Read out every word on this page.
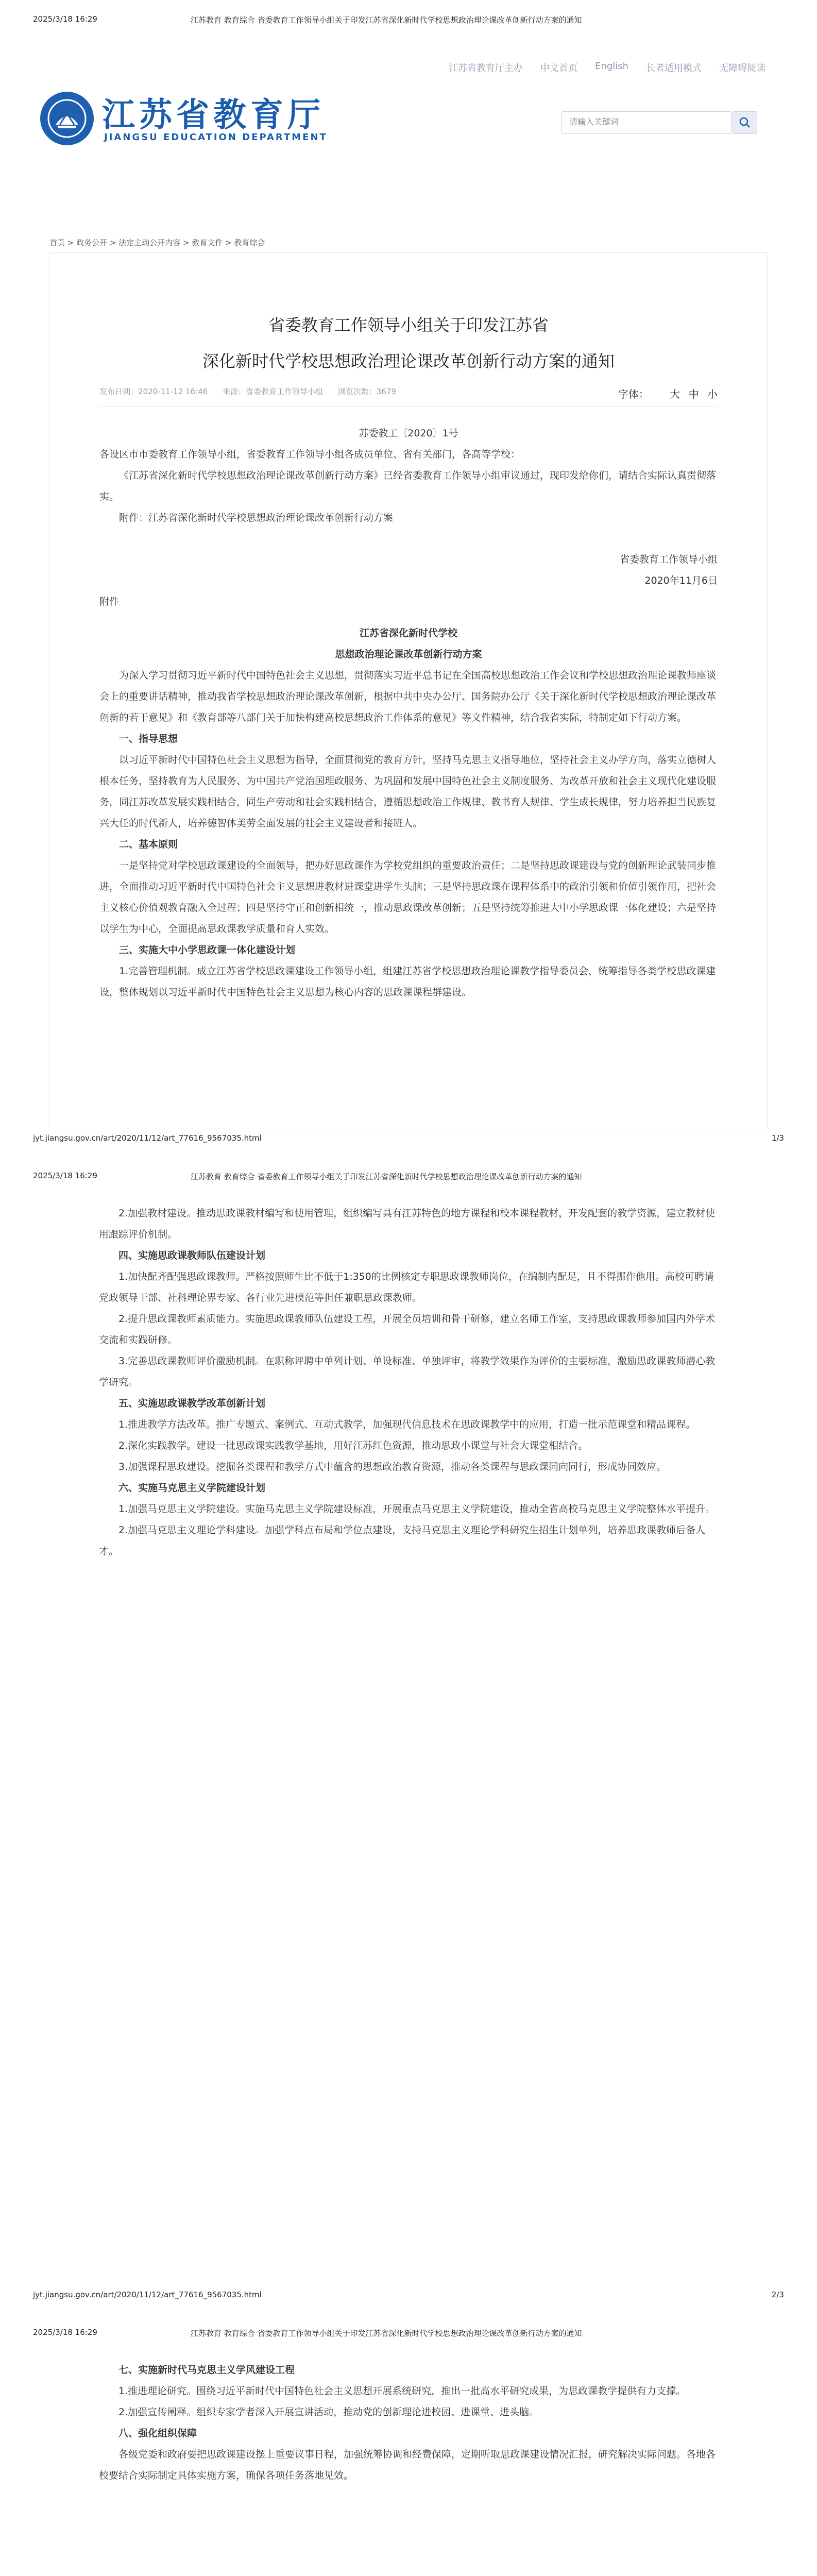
2025/3/18 16:29	江苏教育 教育综合 省委教育工作领导小组关于印发江苏省深化新时代学校思想政治理论课改革创新行动方案的通知
江苏省教育厅主办 中文首页 English 长者适用模式 无障碍阅读
江苏省教育厅
JIANGSU EDUCATION DEPARTMENT
请输入关键词
首页 > 政务公开 > 法定主动公开内容 > 教育文件 > 教育综合
省委教育工作领导小组关于印发江苏省
深化新时代学校思想政治理论课改革创新行动方案的通知
发布日期：2020-11-12 16:46 来源：省委教育工作领导小组 浏览次数：3679	字体： 大 中 小

苏委教工〔2020〕1号

各设区市市委教育工作领导小组，省委教育工作领导小组各成员单位、省有关部门，各高等学校：

《江苏省深化新时代学校思想政治理论课改革创新行动方案》已经省委教育工作领导小组审议通过，现印发给你们，请结合实际认真贯彻落实。

附件：江苏省深化新时代学校思想政治理论课改革创新行动方案

省委教育工作领导小组

2020年11月6日

附件

江苏省深化新时代学校

思想政治理论课改革创新行动方案

为深入学习贯彻习近平新时代中国特色社会主义思想，贯彻落实习近平总书记在全国高校思想政治工作会议和学校思想政治理论课教师座谈会上的重要讲话精神，推动我省学校思想政治理论课改革创新，根据中共中央办公厅、国务院办公厅《关于深化新时代学校思想政治理论课改革创新的若干意见》和《教育部等八部门关于加快构建高校思想政治工作体系的意见》等文件精神，结合我省实际，特制定如下行动方案。

一、指导思想

以习近平新时代中国特色社会主义思想为指导，全面贯彻党的教育方针，坚持马克思主义指导地位，坚持社会主义办学方向，落实立德树人根本任务，坚持教育为人民服务、为中国共产党治国理政服务、为巩固和发展中国特色社会主义制度服务、为改革开放和社会主义现代化建设服务，同江苏改革发展实践相结合，同生产劳动和社会实践相结合，遵循思想政治工作规律、教书育人规律、学生成长规律，努力培养担当民族复兴大任的时代新人，培养德智体美劳全面发展的社会主义建设者和接班人。

二、基本原则

一是坚持党对学校思政课建设的全面领导，把办好思政课作为学校党组织的重要政治责任；二是坚持思政课建设与党的创新理论武装同步推进，全面推动习近平新时代中国特色社会主义思想进教材进课堂进学生头脑；三是坚持思政课在课程体系中的政治引领和价值引领作用，把社会主义核心价值观教育融入全过程；四是坚持守正和创新相统一，推动思政课改革创新；五是坚持统筹推进大中小学思政课一体化建设；六是坚持以学生为中心，全面提高思政课教学质量和育人实效。

三、实施大中小学思政课一体化建设计划

1.完善管理机制。成立江苏省学校思政课建设工作领导小组，组建江苏省学校思想政治理论课教学指导委员会，统筹指导各类学校思政课建设，整体规划以习近平新时代中国特色社会主义思想为核心内容的思政课课程群建设。

jyt.jiangsu.gov.cn/art/2020/11/12/art_77616_9567035.html	1/3
2025/3/18 16:29	江苏教育 教育综合 省委教育工作领导小组关于印发江苏省深化新时代学校思想政治理论课改革创新行动方案的通知

2.加强教材建设。推动思政课教材编写和使用管理，组织编写具有江苏特色的地方课程和校本课程教材，开发配套的教学资源，建立教材使用跟踪评价机制。

四、实施思政课教师队伍建设计划

1.加快配齐配强思政课教师。严格按照师生比不低于1:350的比例核定专职思政课教师岗位，在编制内配足，且不得挪作他用。高校可聘请党政领导干部、社科理论界专家、各行业先进模范等担任兼职思政课教师。

2.提升思政课教师素质能力。实施思政课教师队伍建设工程，开展全员培训和骨干研修，建立名师工作室，支持思政课教师参加国内外学术交流和实践研修。

3.完善思政课教师评价激励机制。在职称评聘中单列计划、单设标准、单独评审，将教学效果作为评价的主要标准，激励思政课教师潜心教学研究。

五、实施思政课教学改革创新计划

1.推进教学方法改革。推广专题式、案例式、互动式教学，加强现代信息技术在思政课教学中的应用，打造一批示范课堂和精品课程。

2.深化实践教学。建设一批思政课实践教学基地，用好江苏红色资源，推动思政小课堂与社会大课堂相结合。

3.加强课程思政建设。挖掘各类课程和教学方式中蕴含的思想政治教育资源，推动各类课程与思政课同向同行，形成协同效应。

六、实施马克思主义学院建设计划

1.加强马克思主义学院建设。实施马克思主义学院建设标准，开展重点马克思主义学院建设，推动全省高校马克思主义学院整体水平提升。

2.加强马克思主义理论学科建设。加强学科点布局和学位点建设，支持马克思主义理论学科研究生招生计划单列，培养思政课教师后备人才。

jyt.jiangsu.gov.cn/art/2020/11/12/art_77616_9567035.html	2/3
2025/3/18 16:29	江苏教育 教育综合 省委教育工作领导小组关于印发江苏省深化新时代学校思想政治理论课改革创新行动方案的通知

七、实施新时代马克思主义学风建设工程

1.推进理论研究。围绕习近平新时代中国特色社会主义思想开展系统研究，推出一批高水平研究成果，为思政课教学提供有力支撑。

2.加强宣传阐释。组织专家学者深入开展宣讲活动，推动党的创新理论进校园、进课堂、进头脑。

八、强化组织保障

各级党委和政府要把思政课建设摆上重要议事日程，加强统筹协调和经费保障，定期听取思政课建设情况汇报，研究解决实际问题。各地各校要结合实际制定具体实施方案，确保各项任务落地见效。
